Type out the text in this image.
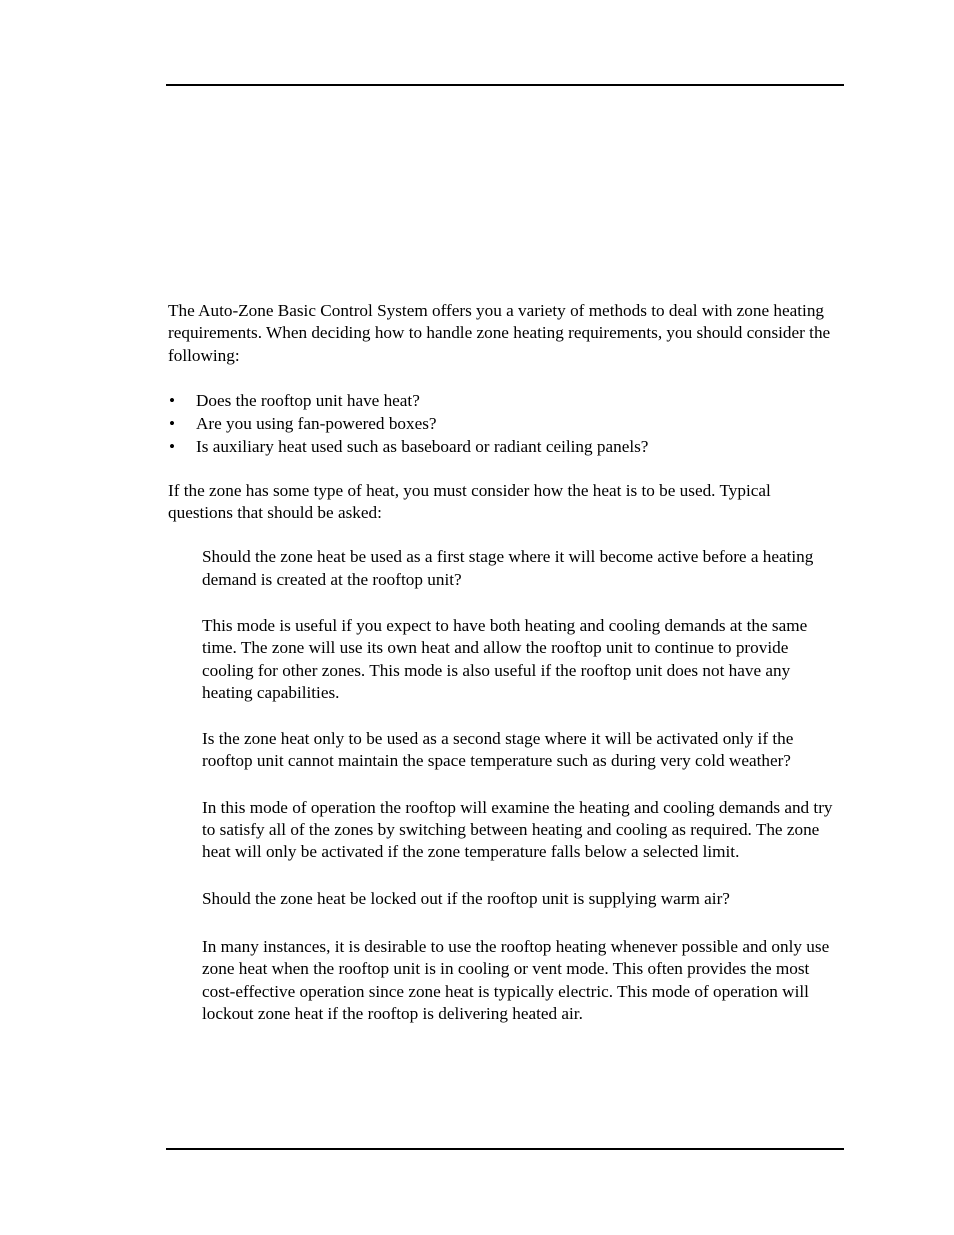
The Auto-Zone Basic Control System offers you a variety of methods to deal with zone heating requirements. When deciding how to handle zone heating requirements, you should consider the following:

• Does the rooftop unit have heat?
• Are you using fan-powered boxes?
• Is auxiliary heat used such as baseboard or radiant ceiling panels?

If the zone has some type of heat, you must consider how the heat is to be used. Typical questions that should be asked:

Should the zone heat be used as a first stage where it will become active before a heating demand is created at the rooftop unit?

This mode is useful if you expect to have both heating and cooling demands at the same time. The zone will use its own heat and allow the rooftop unit to continue to provide cooling for other zones. This mode is also useful if the rooftop unit does not have any heating capabilities.

Is the zone heat only to be used as a second stage where it will be activated only if the rooftop unit cannot maintain the space temperature such as during very cold weather?

In this mode of operation the rooftop will examine the heating and cooling demands and try to satisfy all of the zones by switching between heating and cooling as required. The zone heat will only be activated if the zone temperature falls below a selected limit.

Should the zone heat be locked out if the rooftop unit is supplying warm air?

In many instances, it is desirable to use the rooftop heating whenever possible and only use zone heat when the rooftop unit is in cooling or vent mode. This often provides the most cost-effective operation since zone heat is typically electric. This mode of operation will lockout zone heat if the rooftop is delivering heated air.
